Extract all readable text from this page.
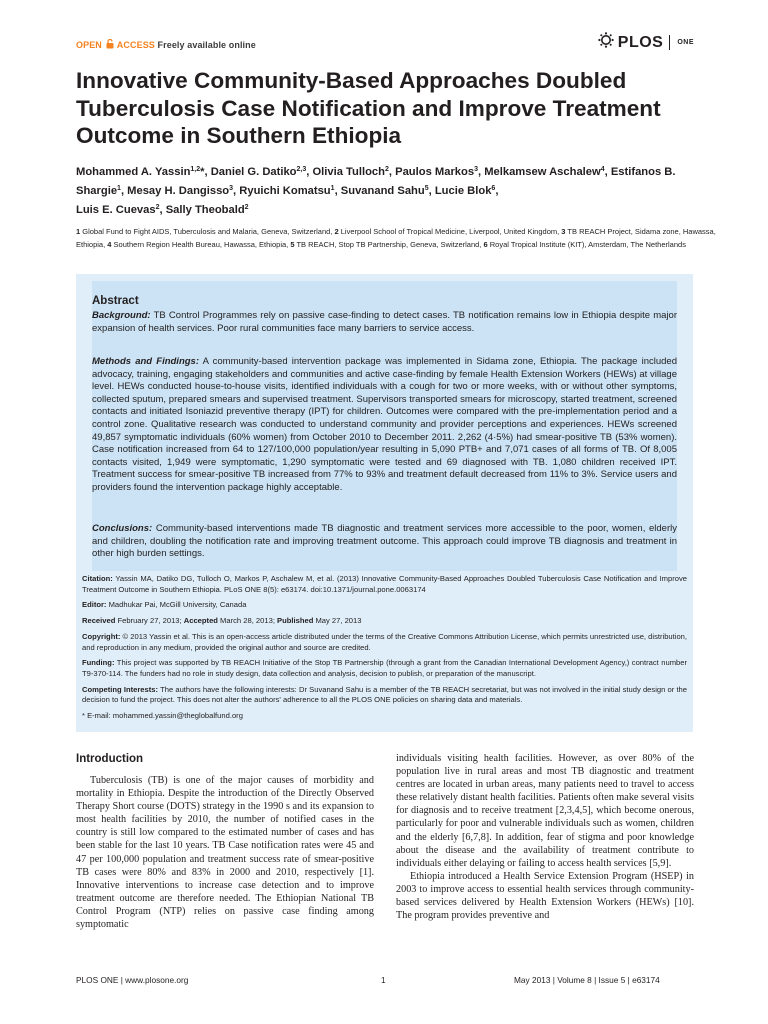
OPEN ACCESS Freely available online	PLOS ONE
Innovative Community-Based Approaches Doubled Tuberculosis Case Notification and Improve Treatment Outcome in Southern Ethiopia

Mohammed A. Yassin$^{1,2}$*, Daniel G. Datiko$^{2,3}$, Olivia Tulloch$^2$, Paulos Markos$^3$, Melkamsew Aschalew$^4$, Estifanos B. Shargie$^1$, Mesay H. Dangisso$^3$, Ryuichi Komatsu$^1$, Suvanand Sahu$^5$, Lucie Blok$^6$,
Luis E. Cuevas$^2$, Sally Theobald$^2$

1 Global Fund to Fight AIDS, Tuberculosis and Malaria, Geneva, Switzerland, 2 Liverpool School of Tropical Medicine, Liverpool, United Kingdom, 3 TB REACH Project, Sidama zone, Hawassa, Ethiopia, 4 Southern Region Health Bureau, Hawassa, Ethiopia, 5 TB REACH, Stop TB Partnership, Geneva, Switzerland, 6 Royal Tropical Institute (KIT), Amsterdam, The Netherlands

Abstract

Background: TB Control Programmes rely on passive case-finding to detect cases. TB notification remains low in Ethiopia despite major expansion of health services. Poor rural communities face many barriers to service access.

Methods and Findings: A community-based intervention package was implemented in Sidama zone, Ethiopia. The package included advocacy, training, engaging stakeholders and communities and active case-finding by female Health Extension Workers (HEWs) at village level. HEWs conducted house-to-house visits, identified individuals with a cough for two or more weeks, with or without other symptoms, collected sputum, prepared smears and supervised treatment. Supervisors transported smears for microscopy, started treatment, screened contacts and initiated Isoniazid preventive therapy (IPT) for children. Outcomes were compared with the pre-implementation period and a control zone. Qualitative research was conducted to understand community and provider perceptions and experiences. HEWs screened 49,857 symptomatic individuals (60% women) from October 2010 to December 2011. 2,262 (4·5%) had smear-positive TB (53% women). Case notification increased from 64 to 127/100,000 population/year resulting in 5,090 PTB+ and 7,071 cases of all forms of TB. Of 8,005 contacts visited, 1,949 were symptomatic, 1,290 symptomatic were tested and 69 diagnosed with TB. 1,080 children received IPT. Treatment success for smear-positive TB increased from 77% to 93% and treatment default decreased from 11% to 3%. Service users and providers found the intervention package highly acceptable.

Conclusions: Community-based interventions made TB diagnostic and treatment services more accessible to the poor, women, elderly and children, doubling the notification rate and improving treatment outcome. This approach could improve TB diagnosis and treatment in other high burden settings.

Citation: Yassin MA, Datiko DG, Tulloch O, Markos P, Aschalew M, et al. (2013) Innovative Community-Based Approaches Doubled Tuberculosis Case Notification and Improve Treatment Outcome in Southern Ethiopia. PLoS ONE 8(5): e63174. doi:10.1371/journal.pone.0063174

Editor: Madhukar Pai, McGill University, Canada

Received February 27, 2013; Accepted March 28, 2013; Published May 27, 2013

Copyright: © 2013 Yassin et al. This is an open-access article distributed under the terms of the Creative Commons Attribution License, which permits unrestricted use, distribution, and reproduction in any medium, provided the original author and source are credited.

Funding: This project was supported by TB REACH Initiative of the Stop TB Partnership (through a grant from the Canadian International Development Agency,) contract number T9-370-114. The funders had no role in study design, data collection and analysis, decision to publish, or preparation of the manuscript.

Competing Interests: The authors have the following interests: Dr Suvanand Sahu is a member of the TB REACH secretariat, but was not involved in the initial study design or the decision to fund the project. This does not alter the authors' adherence to all the PLOS ONE policies on sharing data and materials.

* E-mail: mohammed.yassin@theglobalfund.org

Introduction

Tuberculosis (TB) is one of the major causes of morbidity and mortality in Ethiopia. Despite the introduction of the Directly Observed Therapy Short course (DOTS) strategy in the 1990 s and its expansion to most health facilities by 2010, the number of notified cases in the country is still low compared to the estimated number of cases and has been stable for the last 10 years. TB Case notification rates were 45 and 47 per 100,000 population and treatment success rate of smear-positive TB cases were 80% and 83% in 2000 and 2010, respectively [1]. Innovative interventions to increase case detection and to improve treatment outcome are therefore needed. The Ethiopian National TB Control Program (NTP) relies on passive case finding among symptomatic

individuals visiting health facilities. However, as over 80% of the population live in rural areas and most TB diagnostic and treatment centres are located in urban areas, many patients need to travel to access these relatively distant health facilities. Patients often make several visits for diagnosis and to receive treatment [2,3,4,5], which become onerous, particularly for poor and vulnerable individuals such as women, children and the elderly [6,7,8]. In addition, fear of stigma and poor knowledge about the disease and the availability of treatment contribute to individuals either delaying or failing to access health services [5,9].

Ethiopia introduced a Health Service Extension Program (HSEP) in 2003 to improve access to essential health services through community-based services delivered by Health Extension Workers (HEWs) [10]. The program provides preventive and

PLOS ONE | www.plosone.org	1	May 2013 | Volume 8 | Issue 5 | e63174
